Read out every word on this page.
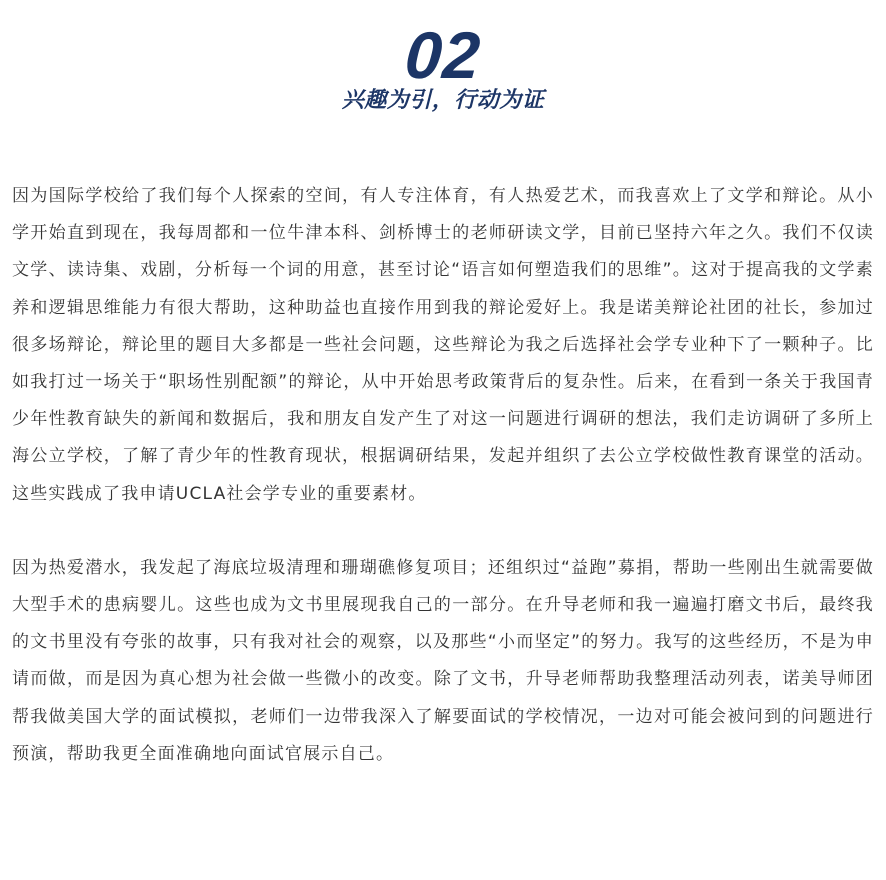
02
兴趣为引，行动为证

因为国际学校给了我们每个人探索的空间，有人专注体育，有人热爱艺术，而我喜欢上了文学和辩论。从小学开始直到现在，我每周都和一位牛津本科、剑桥博士的老师研读文学，目前已坚持六年之久。我们不仅读文学、读诗集、戏剧，分析每一个词的用意，甚至讨论“语言如何塑造我们的思维”。这对于提高我的文学素养和逻辑思维能力有很大帮助，这种助益也直接作用到我的辩论爱好上。我是诺美辩论社团的社长，参加过很多场辩论，辩论里的题目大多都是一些社会问题，这些辩论为我之后选择社会学专业种下了一颗种子。比如我打过一场关于“职场性别配额”的辩论，从中开始思考政策背后的复杂性。后来，在看到一条关于我国青少年性教育缺失的新闻和数据后，我和朋友自发产生了对这一问题进行调研的想法，我们走访调研了多所上海公立学校，了解了青少年的性教育现状，根据调研结果，发起并组织了去公立学校做性教育课堂的活动。这些实践成了我申请UCLA社会学专业的重要素材。

因为热爱潜水，我发起了海底垃圾清理和珊瑚礁修复项目；还组织过“益跑”募捐，帮助一些刚出生就需要做大型手术的患病婴儿。这些也成为文书里展现我自己的一部分。在升导老师和我一遍遍打磨文书后，最终我的文书里没有夸张的故事，只有我对社会的观察，以及那些“小而坚定”的努力。我写的这些经历，不是为申请而做，而是因为真心想为社会做一些微小的改变。除了文书，升导老师帮助我整理活动列表，诺美导师团帮我做美国大学的面试模拟，老师们一边带我深入了解要面试的学校情况，一边对可能会被问到的问题进行预演，帮助我更全面准确地向面试官展示自己。
